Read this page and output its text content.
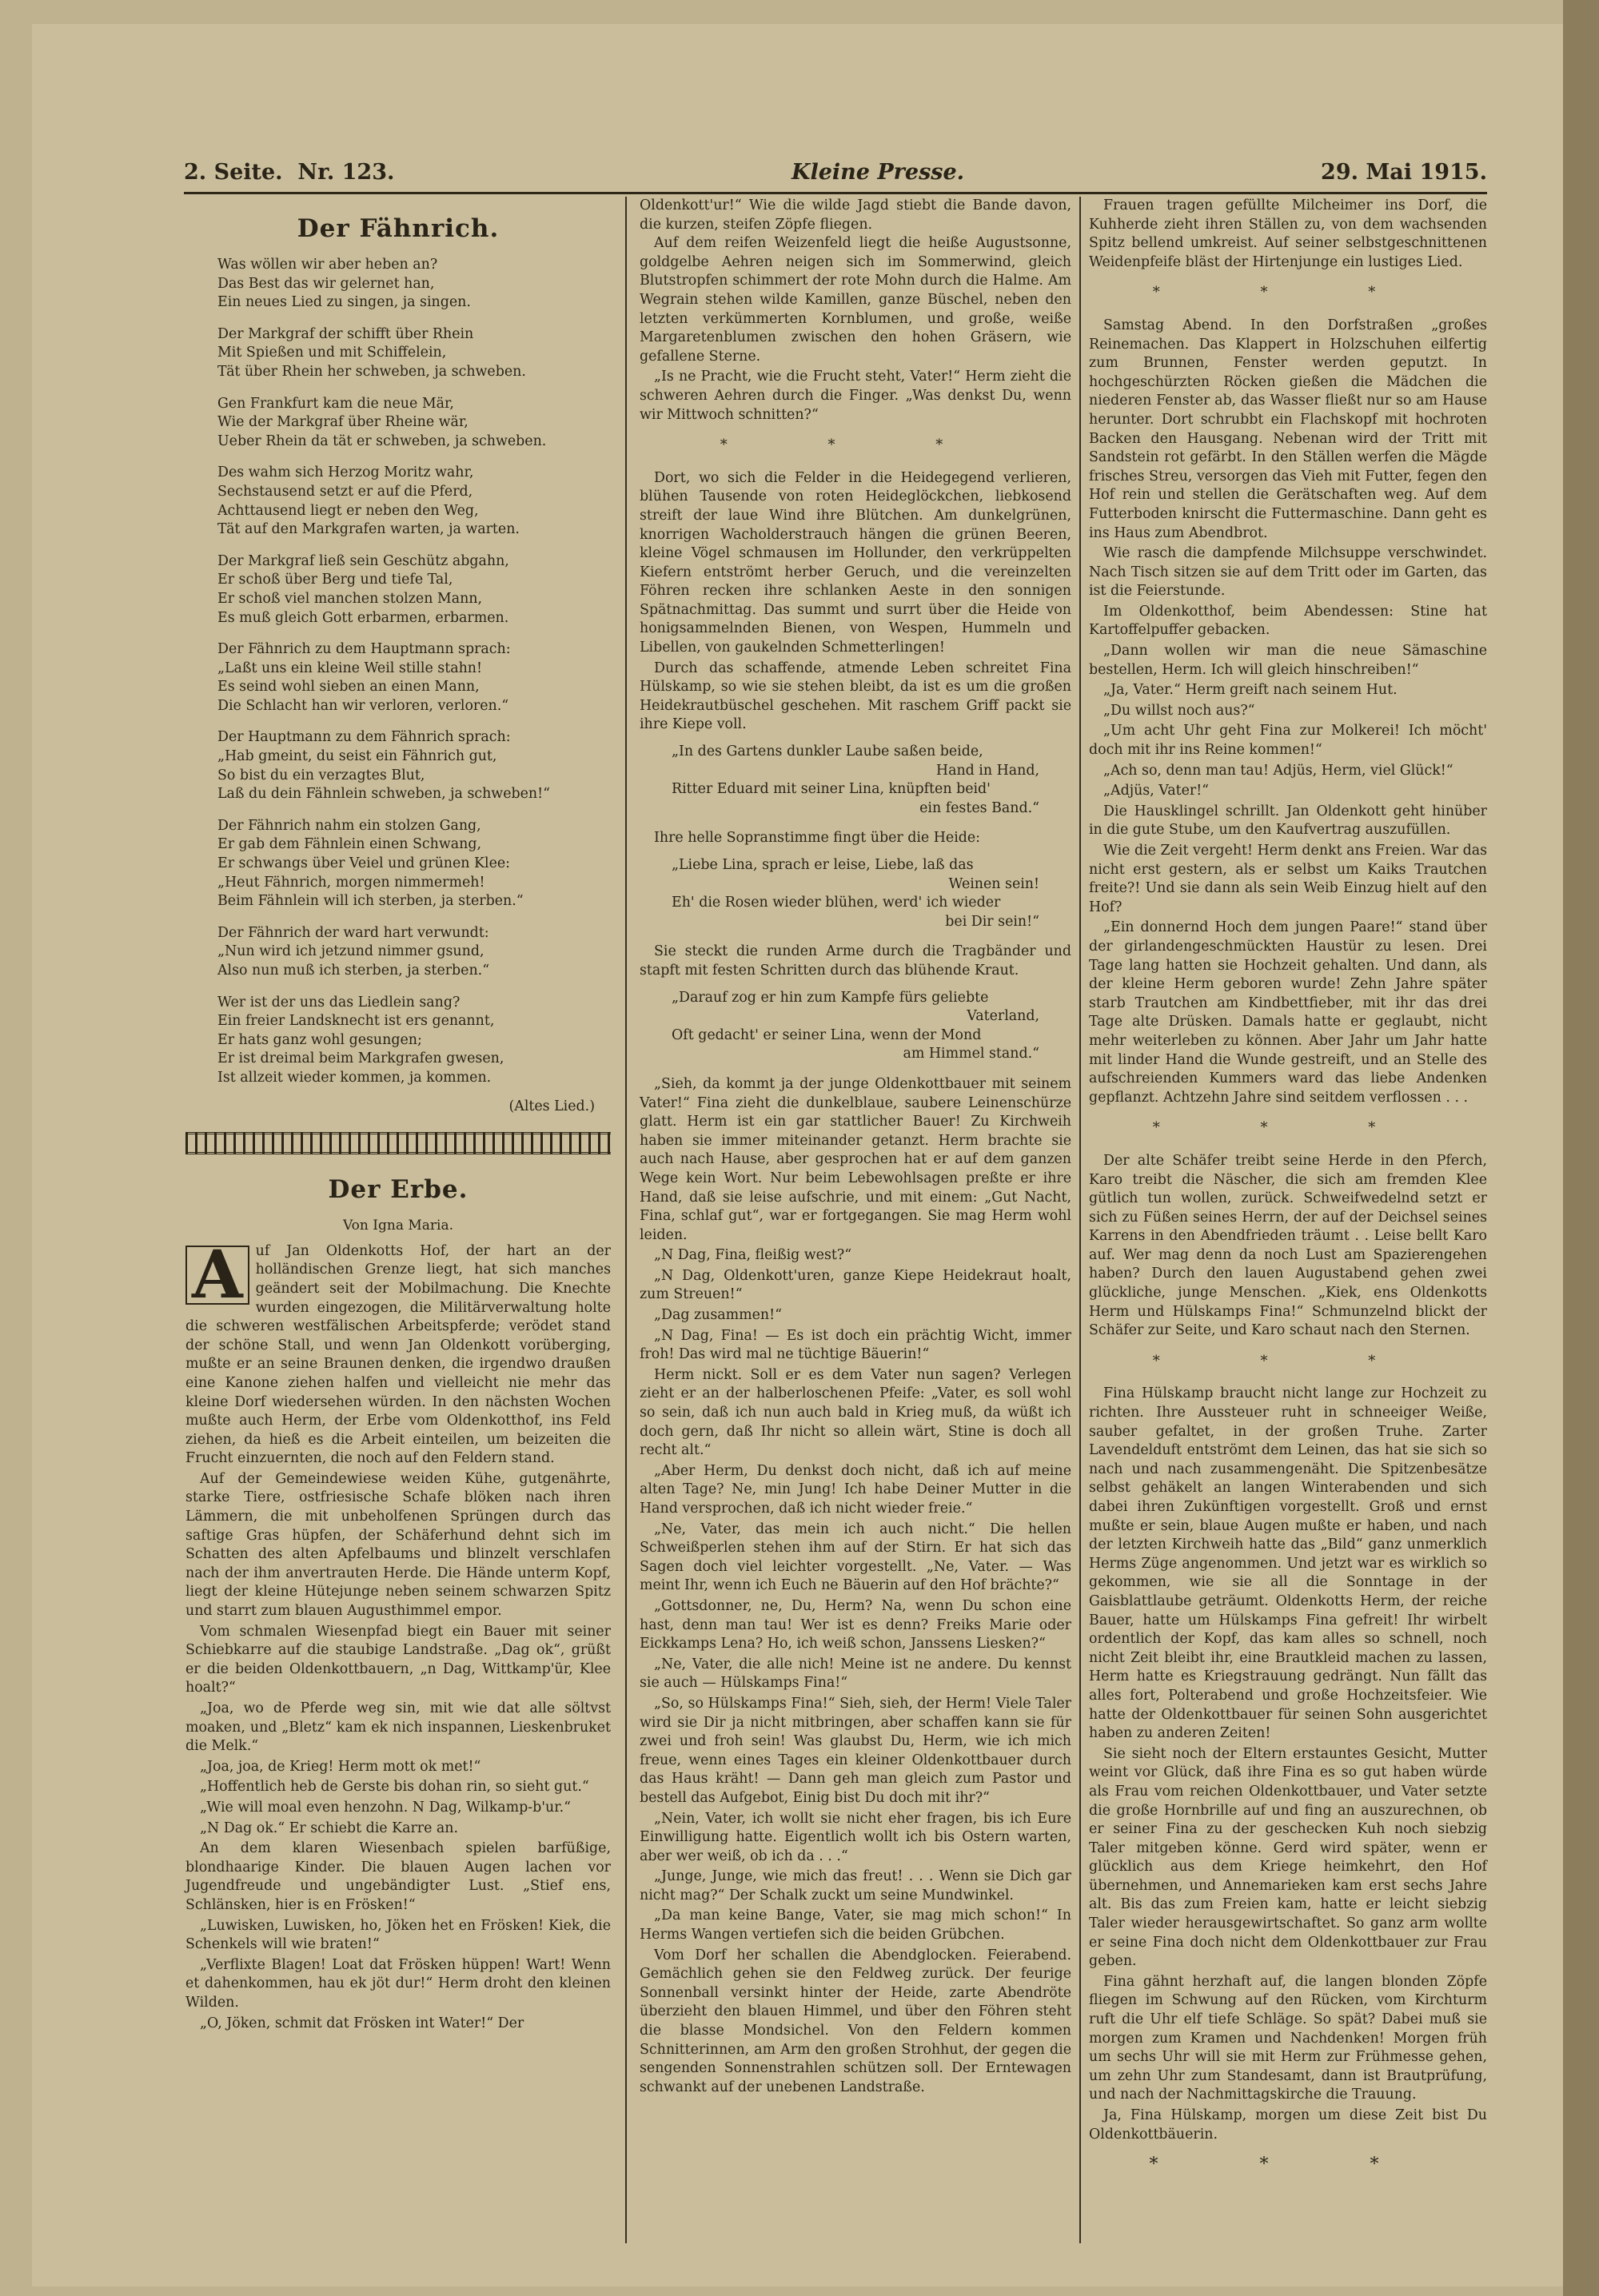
2. Seite. Nr. 123.	Kleine Presse.	29. Mai 1915.
Der Fähnrich.
Was wöllen wir aber heben an?
Das Best das wir gelernet han,
Ein neues Lied zu singen, ja singen.
Der Markgraf der schifft über Rhein
Mit Spießen und mit Schiffelein,
Tät über Rhein her schweben, ja schweben.
Gen Frankfurt kam die neue Mär,
Wie der Markgraf über Rheine wär,
Ueber Rhein da tät er schweben, ja schweben.
Des wahm sich Herzog Moritz wahr,
Sechstausend setzt er auf die Pferd,
Achttausend liegt er neben den Weg,
Tät auf den Markgrafen warten, ja warten.
Der Markgraf ließ sein Geschütz abgahn,
Er schoß über Berg und tiefe Tal,
Er schoß viel manchen stolzen Mann,
Es muß gleich Gott erbarmen, erbarmen.
Der Fähnrich zu dem Hauptmann sprach:
„Laßt uns ein kleine Weil stille stahn!
Es seind wohl sieben an einen Mann,
Die Schlacht han wir verloren, verloren.“
Der Hauptmann zu dem Fähnrich sprach:
„Hab gmeint, du seist ein Fähnrich gut,
So bist du ein verzagtes Blut,
Laß du dein Fähnlein schweben, ja schweben!“
Der Fähnrich nahm ein stolzen Gang,
Er gab dem Fähnlein einen Schwang,
Er schwangs über Veiel und grünen Klee:
„Heut Fähnrich, morgen nimmermeh!
Beim Fähnlein will ich sterben, ja sterben.“
Der Fähnrich der ward hart verwundt:
„Nun wird ich jetzund nimmer gsund,
Also nun muß ich sterben, ja sterben.“
Wer ist der uns das Liedlein sang?
Ein freier Landsknecht ist ers genannt,
Er hats ganz wohl gesungen;
Er ist dreimal beim Markgrafen gwesen,
Ist allzeit wieder kommen, ja kommen.
(Altes Lied.)
Der Erbe.
Von Igna Maria.
A uf Jan Oldenkotts Hof, der hart an der holländischen Grenze liegt, hat sich manches geändert seit der Mobilmachung. Die Knechte wurden eingezogen, die Militärverwaltung holte die schweren westfälischen Arbeitspferde; verödet stand der schöne Stall, und wenn Jan Oldenkott vorüberging, mußte er an seine Braunen denken, die irgendwo draußen eine Kanone ziehen halfen und vielleicht nie mehr das kleine Dorf wiedersehen würden. In den nächsten Wochen mußte auch Herm, der Erbe vom Oldenkotthof, ins Feld ziehen, da hieß es die Arbeit einteilen, um beizeiten die Frucht einzuernten, die noch auf den Feldern stand.
Auf der Gemeindewiese weiden Kühe, gutgenährte, starke Tiere, ostfriesische Schafe blöken nach ihren Lämmern, die mit unbeholfenen Sprüngen durch das saftige Gras hüpfen, der Schäferhund dehnt sich im Schatten des alten Apfelbaums und blinzelt verschlafen nach der ihm anvertrauten Herde. Die Hände unterm Kopf, liegt der kleine Hütejunge neben seinem schwarzen Spitz und starrt zum blauen Augusthimmel empor.
Vom schmalen Wiesenpfad biegt ein Bauer mit seiner Schiebkarre auf die staubige Landstraße. „Dag ok“, grüßt er die beiden Oldenkottbauern, „n Dag, Wittkamp'ür, Klee hoalt?“
„Joa, wo de Pferde weg sin, mit wie dat alle söltvst moaken, und „Bletz“ kam ek nich inspannen, Lieskenbruket die Melk.“
„Joa, joa, de Krieg! Herm mott ok met!“
„Hoffentlich heb de Gerste bis dohan rin, so sieht gut.“
„Wie will moal even henzohn. N Dag, Wilkamp-b'ur.“
„N Dag ok.“ Er schiebt die Karre an.
An dem klaren Wiesenbach spielen barfüßige, blondhaarige Kinder. Die blauen Augen lachen vor Jugendfreude und ungebändigter Lust. „Stief ens, Schlänsken, hier is en Frösken!“
„Luwisken, Luwisken, ho, Jöken het en Frösken! Kiek, die Schenkels will wie braten!“
„Verflixte Blagen! Loat dat Frösken hüppen! Wart! Wenn et dahenkommen, hau ek jöt dur!“ Herm droht den kleinen Wilden.
„O, Jöken, schmit dat Frösken int Water!“ Der
Oldenkott'ur!“ Wie die wilde Jagd stiebt die Bande davon, die kurzen, steifen Zöpfe fliegen.
Auf dem reifen Weizenfeld liegt die heiße Augustsonne, goldgelbe Aehren neigen sich im Sommerwind, gleich Blutstropfen schimmert der rote Mohn durch die Halme. Am Wegrain stehen wilde Kamillen, ganze Büschel, neben den letzten verkümmerten Kornblumen, und große, weiße Margaretenblumen zwischen den hohen Gräsern, wie gefallene Sterne.
„Is ne Pracht, wie die Frucht steht, Vater!“ Herm zieht die schweren Aehren durch die Finger. „Was denkst Du, wenn wir Mittwoch schnitten?“
* * *
Dort, wo sich die Felder in die Heidegegend verlieren, blühen Tausende von roten Heideglöckchen, liebkosend streift der laue Wind ihre Blütchen. Am dunkelgrünen, knorrigen Wacholderstrauch hängen die grünen Beeren, kleine Vögel schmausen im Hollunder, den verkrüppelten Kiefern entströmt herber Geruch, und die vereinzelten Föhren recken ihre schlanken Aeste in den sonnigen Spätnachmittag. Das summt und surrt über die Heide von honigsammelnden Bienen, von Wespen, Hummeln und Libellen, von gaukelnden Schmetterlingen!
Durch das schaffende, atmende Leben schreitet Fina Hülskamp, so wie sie stehen bleibt, da ist es um die großen Heidekrautbüschel geschehen. Mit raschem Griff packt sie ihre Kiepe voll.
„In des Gartens dunkler Laube saßen beide,
Hand in Hand,
Ritter Eduard mit seiner Lina, knüpften beid'
ein festes Band.“
Ihre helle Sopranstimme fingt über die Heide:
„Liebe Lina, sprach er leise, Liebe, laß das
Weinen sein!
Eh' die Rosen wieder blühen, werd' ich wieder
bei Dir sein!“
Sie steckt die runden Arme durch die Tragbänder und stapft mit festen Schritten durch das blühende Kraut.
„Darauf zog er hin zum Kampfe fürs geliebte
Vaterland,
Oft gedacht' er seiner Lina, wenn der Mond
am Himmel stand.“
„Sieh, da kommt ja der junge Oldenkottbauer mit seinem Vater!“ Fina zieht die dunkelblaue, saubere Leinenschürze glatt. Herm ist ein gar stattlicher Bauer! Zu Kirchweih haben sie immer miteinander getanzt. Herm brachte sie auch nach Hause, aber gesprochen hat er auf dem ganzen Wege kein Wort. Nur beim Lebewohlsagen preßte er ihre Hand, daß sie leise aufschrie, und mit einem: „Gut Nacht, Fina, schlaf gut“, war er fortgegangen. Sie mag Herm wohl leiden.
„N Dag, Fina, fleißig west?“
„N Dag, Oldenkott'uren, ganze Kiepe Heidekraut hoalt, zum Streuen!“
„Dag zusammen!“
„N Dag, Fina! — Es ist doch ein prächtig Wicht, immer froh! Das wird mal ne tüchtige Bäuerin!“
Herm nickt. Soll er es dem Vater nun sagen? Verlegen zieht er an der halberloschenen Pfeife: „Vater, es soll wohl so sein, daß ich nun auch bald in Krieg muß, da wüßt ich doch gern, daß Ihr nicht so allein wärt, Stine is doch all recht alt.“
„Aber Herm, Du denkst doch nicht, daß ich auf meine alten Tage? Ne, min Jung! Ich habe Deiner Mutter in die Hand versprochen, daß ich nicht wieder freie.“
„Ne, Vater, das mein ich auch nicht.“ Die hellen Schweißperlen stehen ihm auf der Stirn. Er hat sich das Sagen doch viel leichter vorgestellt. „Ne, Vater. — Was meint Ihr, wenn ich Euch ne Bäuerin auf den Hof brächte?“
„Gottsdonner, ne, Du, Herm? Na, wenn Du schon eine hast, denn man tau! Wer ist es denn? Freiks Marie oder Eickkamps Lena? Ho, ich weiß schon, Janssens Liesken?“
„Ne, Vater, die alle nich! Meine ist ne andere. Du kennst sie auch — Hülskamps Fina!“
„So, so Hülskamps Fina!“ Sieh, sieh, der Herm! Viele Taler wird sie Dir ja nicht mitbringen, aber schaffen kann sie für zwei und froh sein! Was glaubst Du, Herm, wie ich mich freue, wenn eines Tages ein kleiner Oldenkottbauer durch das Haus kräht! — Dann geh man gleich zum Pastor und bestell das Aufgebot, Einig bist Du doch mit ihr?“
„Nein, Vater, ich wollt sie nicht eher fragen, bis ich Eure Einwilligung hatte. Eigentlich wollt ich bis Ostern warten, aber wer weiß, ob ich da . . .“
„Junge, Junge, wie mich das freut! . . . Wenn sie Dich gar nicht mag?“ Der Schalk zuckt um seine Mundwinkel.
„Da man keine Bange, Vater, sie mag mich schon!“ In Herms Wangen vertiefen sich die beiden Grübchen.
Vom Dorf her schallen die Abendglocken. Feierabend. Gemächlich gehen sie den Feldweg zurück. Der feurige Sonnenball versinkt hinter der Heide, zarte Abendröte überzieht den blauen Himmel, und über den Föhren steht die blasse Mondsichel. Von den Feldern kommen Schnitterinnen, am Arm den großen Strohhut, der gegen die sengenden Sonnenstrahlen schützen soll. Der Erntewagen schwankt auf der unebenen Landstraße.
Frauen tragen gefüllte Milcheimer ins Dorf, die Kuhherde zieht ihren Ställen zu, von dem wachsenden Spitz bellend umkreist. Auf seiner selbstgeschnittenen Weidenpfeife bläst der Hirtenjunge ein lustiges Lied.
* * *
Samstag Abend. In den Dorfstraßen „großes Reinemachen. Das Klappert in Holzschuhen eilfertig zum Brunnen, Fenster werden geputzt. In hochgeschürzten Röcken gießen die Mädchen die niederen Fenster ab, das Wasser fließt nur so am Hause herunter. Dort schrubbt ein Flachskopf mit hochroten Backen den Hausgang. Nebenan wird der Tritt mit Sandstein rot gefärbt. In den Ställen werfen die Mägde frisches Streu, versorgen das Vieh mit Futter, fegen den Hof rein und stellen die Gerätschaften weg. Auf dem Futterboden knirscht die Futtermaschine. Dann geht es ins Haus zum Abendbrot.
Wie rasch die dampfende Milchsuppe verschwindet. Nach Tisch sitzen sie auf dem Tritt oder im Garten, das ist die Feierstunde.
Im Oldenkotthof, beim Abendessen: Stine hat Kartoffelpuffer gebacken.
„Dann wollen wir man die neue Sämaschine bestellen, Herm. Ich will gleich hinschreiben!“
„Ja, Vater.“ Herm greift nach seinem Hut.
„Du willst noch aus?“
„Um acht Uhr geht Fina zur Molkerei! Ich möcht' doch mit ihr ins Reine kommen!“
„Ach so, denn man tau! Adjüs, Herm, viel Glück!“
„Adjüs, Vater!“
Die Hausklingel schrillt. Jan Oldenkott geht hinüber in die gute Stube, um den Kaufvertrag auszufüllen.
Wie die Zeit vergeht! Herm denkt ans Freien. War das nicht erst gestern, als er selbst um Kaiks Trautchen freite?! Und sie dann als sein Weib Einzug hielt auf den Hof?
„Ein donnernd Hoch dem jungen Paare!“ stand über der girlandengeschmückten Haustür zu lesen. Drei Tage lang hatten sie Hochzeit gehalten. Und dann, als der kleine Herm geboren wurde! Zehn Jahre später starb Trautchen am Kindbettfieber, mit ihr das drei Tage alte Drüsken. Damals hatte er geglaubt, nicht mehr weiterleben zu können. Aber Jahr um Jahr hatte mit linder Hand die Wunde gestreift, und an Stelle des aufschreienden Kummers ward das liebe Andenken gepflanzt. Achtzehn Jahre sind seitdem verflossen . . .
* * *
Der alte Schäfer treibt seine Herde in den Pferch, Karo treibt die Näscher, die sich am fremden Klee gütlich tun wollen, zurück. Schweifwedelnd setzt er sich zu Füßen seines Herrn, der auf der Deichsel seines Karrens in den Abendfrieden träumt . . Leise bellt Karo auf. Wer mag denn da noch Lust am Spazierengehen haben? Durch den lauen Augustabend gehen zwei glückliche, junge Menschen. „Kiek, ens Oldenkotts Herm und Hülskamps Fina!“ Schmunzelnd blickt der Schäfer zur Seite, und Karo schaut nach den Sternen.
* * *
Fina Hülskamp braucht nicht lange zur Hochzeit zu richten. Ihre Aussteuer ruht in schneeiger Weiße, sauber gefaltet, in der großen Truhe. Zarter Lavendelduft entströmt dem Leinen, das hat sie sich so nach und nach zusammengenäht. Die Spitzenbesätze selbst gehäkelt an langen Winterabenden und sich dabei ihren Zukünftigen vorgestellt. Groß und ernst mußte er sein, blaue Augen mußte er haben, und nach der letzten Kirchweih hatte das „Bild“ ganz unmerklich Herms Züge angenommen. Und jetzt war es wirklich so gekommen, wie sie all die Sonntage in der Gaisblattlaube geträumt. Oldenkotts Herm, der reiche Bauer, hatte um Hülskamps Fina gefreit! Ihr wirbelt ordentlich der Kopf, das kam alles so schnell, noch nicht Zeit bleibt ihr, eine Brautkleid machen zu lassen, Herm hatte es Kriegstrauung gedrängt. Nun fällt das alles fort, Polterabend und große Hochzeitsfeier. Wie hatte der Oldenkottbauer für seinen Sohn ausgerichtet haben zu anderen Zeiten!
Sie sieht noch der Eltern erstauntes Gesicht, Mutter weint vor Glück, daß ihre Fina es so gut haben würde als Frau vom reichen Oldenkottbauer, und Vater setzte die große Hornbrille auf und fing an auszurechnen, ob er seiner Fina zu der geschecken Kuh noch siebzig Taler mitgeben könne. Gerd wird später, wenn er glücklich aus dem Kriege heimkehrt, den Hof übernehmen, und Annemarieken kam erst sechs Jahre alt. Bis das zum Freien kam, hatte er leicht siebzig Taler wieder herausgewirtschaftet. So ganz arm wollte er seine Fina doch nicht dem Oldenkottbauer zur Frau geben.
Fina gähnt herzhaft auf, die langen blonden Zöpfe fliegen im Schwung auf den Rücken, vom Kirchturm ruft die Uhr elf tiefe Schläge. So spät? Dabei muß sie morgen zum Kramen und Nachdenken! Morgen früh um sechs Uhr will sie mit Herm zur Frühmesse gehen, um zehn Uhr zum Standesamt, dann ist Brautprüfung, und nach der Nachmittagskirche die Trauung.
Ja, Fina Hülskamp, morgen um diese Zeit bist Du Oldenkottbäuerin.
* * *
